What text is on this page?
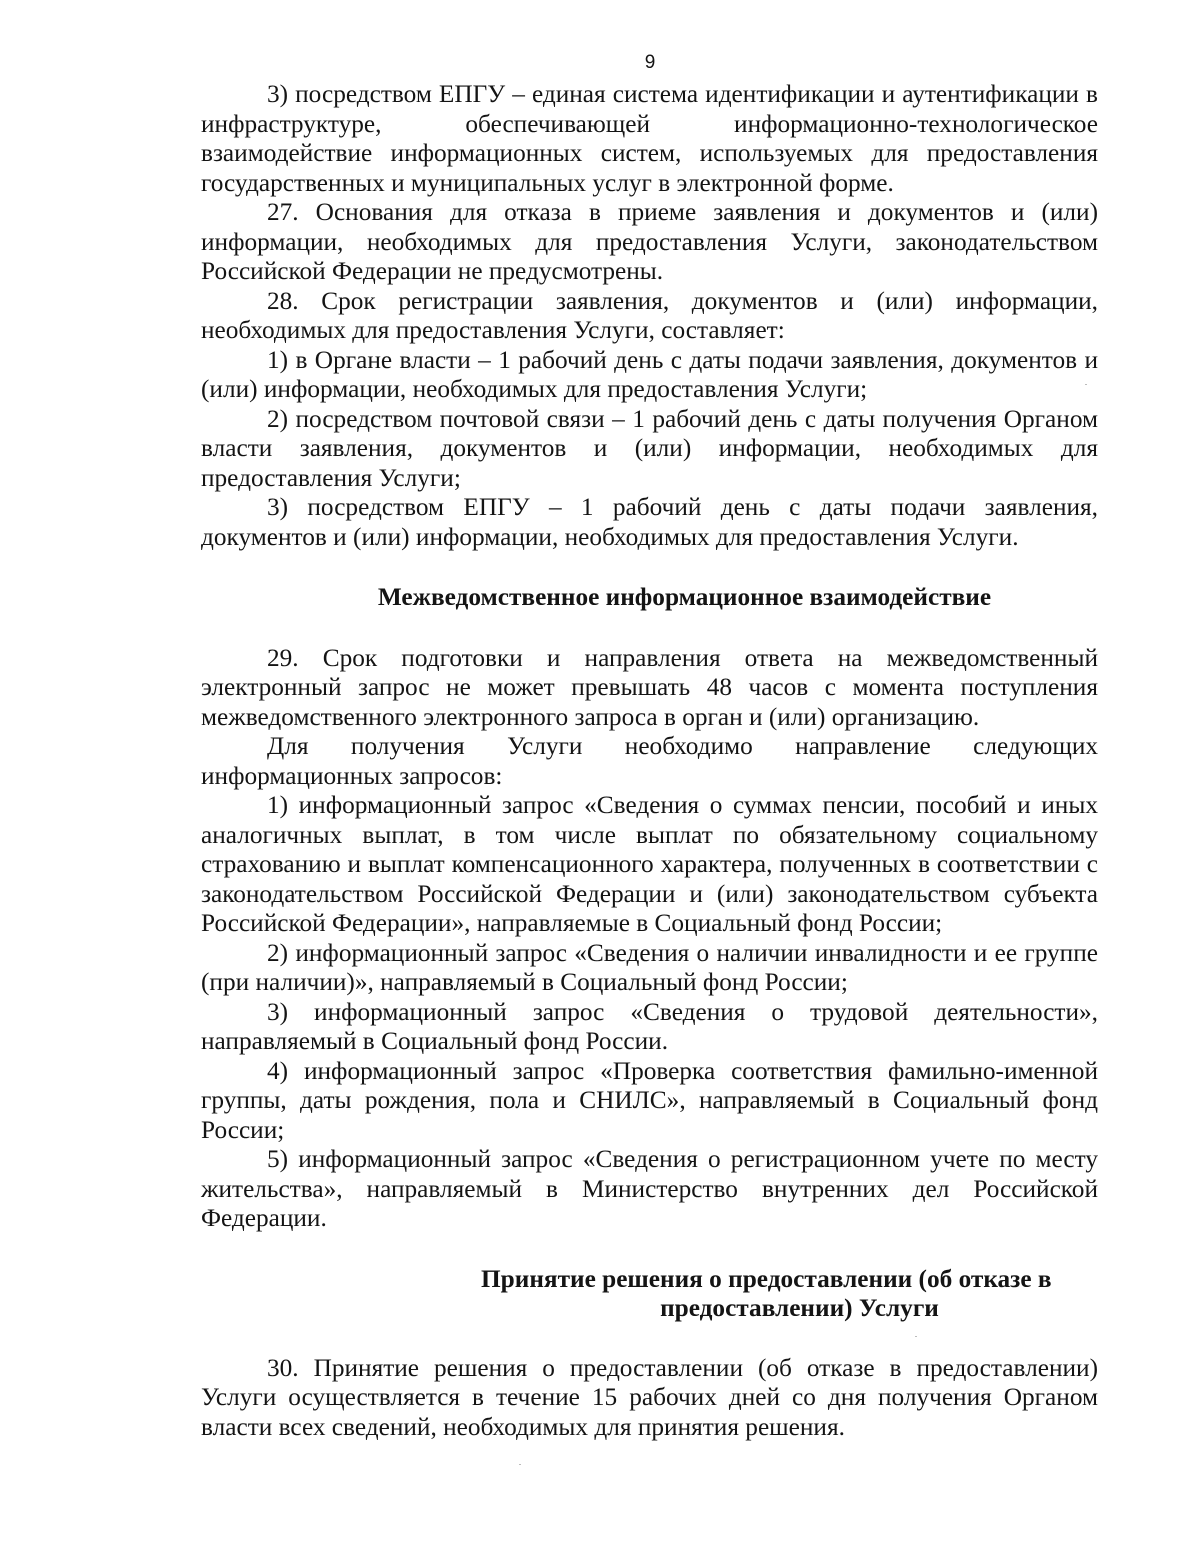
9

3) посредством ЕПГУ – единая система идентификации и аутентификации в инфраструктуре, обеспечивающей информационно-технологическое взаимодействие информационных систем, используемых для предоставления государственных и муниципальных услуг в электронной форме.

27. Основания для отказа в приеме заявления и документов и (или) информации, необходимых для предоставления Услуги, законодательством Российской Федерации не предусмотрены.

28. Срок регистрации заявления, документов и (или) информации, необходимых для предоставления Услуги, составляет:

1) в Органе власти – 1 рабочий день с даты подачи заявления, документов и (или) информации, необходимых для предоставления Услуги;

2) посредством почтовой связи – 1 рабочий день с даты получения Органом власти заявления, документов и (или) информации, необходимых для предоставления Услуги;

3) посредством ЕПГУ – 1 рабочий день с даты подачи заявления, документов и (или) информации, необходимых для предоставления Услуги.

Межведомственное информационное взаимодействие

29. Срок подготовки и направления ответа на межведомственный электронный запрос не может превышать 48 часов с момента поступления межведомственного электронного запроса в орган и (или) организацию.

Для получения Услуги необходимо направление следующих информационных запросов:

1) информационный запрос «Сведения о суммах пенсии, пособий и иных аналогичных выплат, в том числе выплат по обязательному социальному страхованию и выплат компенсационного характера, полученных в соответствии с законодательством Российской Федерации и (или) законодательством субъекта Российской Федерации», направляемые в Социальный фонд России;

2) информационный запрос «Сведения о наличии инвалидности и ее группе (при наличии)», направляемый в Социальный фонд России;

3) информационный запрос «Сведения о трудовой деятельности», направляемый в Социальный фонд России.

4) информационный запрос «Проверка соответствия фамильно-именной группы, даты рождения, пола и СНИЛС», направляемый в Социальный фонд России;

5) информационный запрос «Сведения о регистрационном учете по месту жительства», направляемый в Министерство внутренних дел Российской Федерации.

Принятие решения о предоставлении (об отказе в
предоставлении) Услуги

30. Принятие решения о предоставлении (об отказе в предоставлении) Услуги осуществляется в течение 15 рабочих дней со дня получения Органом власти всех сведений, необходимых для принятия решения.
